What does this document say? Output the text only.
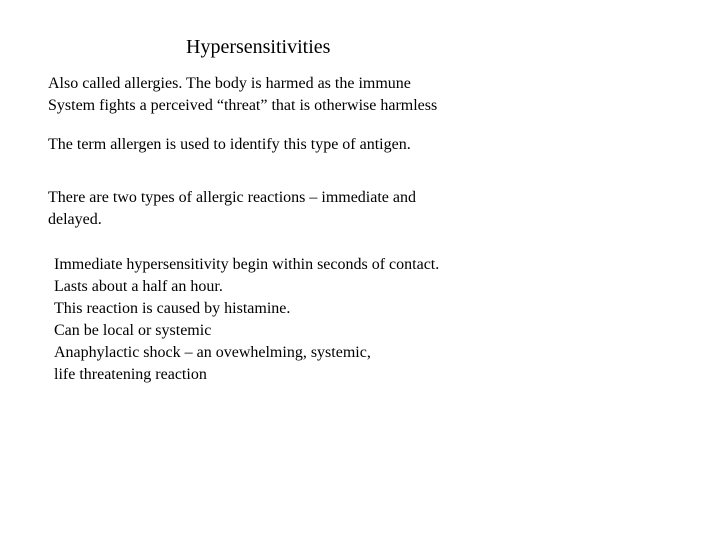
Hypersensitivities
Also called allergies. The body is harmed as the immune
System fights a perceived “threat” that is otherwise harmless
The term allergen is used to identify this type of antigen.
There are two types of allergic reactions – immediate and
delayed.
Immediate hypersensitivity begin within seconds of contact.
Lasts about a half an hour.
This reaction is caused by histamine.
Can be local or systemic
Anaphylactic shock – an ovewhelming, systemic,
life threatening reaction
